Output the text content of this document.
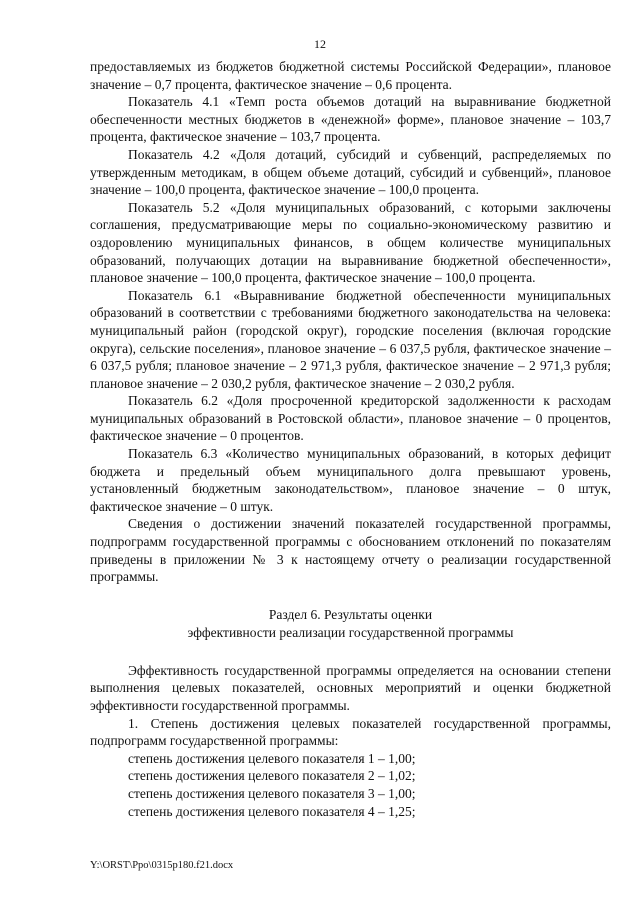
12

предоставляемых из бюджетов бюджетной системы Российской Федерации», плановое значение – 0,7 процента, фактическое значение – 0,6 процента.

Показатель 4.1 «Темп роста объемов дотаций на выравнивание бюджетной обеспеченности местных бюджетов в «денежной» форме», плановое значение – 103,7 процента, фактическое значение – 103,7 процента.

Показатель 4.2 «Доля дотаций, субсидий и субвенций, распределяемых по утвержденным методикам, в общем объеме дотаций, субсидий и субвенций», плановое значение – 100,0 процента, фактическое значение – 100,0 процента.

Показатель 5.2 «Доля муниципальных образований, с которыми заключены соглашения, предусматривающие меры по социально-экономическому развитию и оздоровлению муниципальных финансов, в общем количестве муниципальных образований, получающих дотации на выравнивание бюджетной обеспеченности», плановое значение – 100,0 процента, фактическое значение – 100,0 процента.

Показатель 6.1 «Выравнивание бюджетной обеспеченности муниципальных образований в соответствии с требованиями бюджетного законодательства на человека: муниципальный район (городской округ), городские поселения (включая городские округа), сельские поселения», плановое значение – 6 037,5 рубля, фактическое значение – 6 037,5 рубля; плановое значение – 2 971,3 рубля, фактическое значение – 2 971,3 рубля; плановое значение – 2 030,2 рубля, фактическое значение – 2 030,2 рубля.

Показатель 6.2 «Доля просроченной кредиторской задолженности к расходам муниципальных образований в Ростовской области», плановое значение – 0 процентов, фактическое значение – 0 процентов.

Показатель 6.3 «Количество муниципальных образований, в которых дефицит бюджета и предельный объем муниципального долга превышают уровень, установленный бюджетным законодательством», плановое значение – 0 штук, фактическое значение – 0 штук.

Сведения о достижении значений показателей государственной программы, подпрограмм государственной программы с обоснованием отклонений по показателям приведены в приложении № 3 к настоящему отчету о реализации государственной программы.

Раздел 6. Результаты оценки
эффективности реализации государственной программы

Эффективность государственной программы определяется на основании степени выполнения целевых показателей, основных мероприятий и оценки бюджетной эффективности государственной программы.

1. Степень достижения целевых показателей государственной программы, подпрограмм государственной программы:

степень достижения целевого показателя 1 – 1,00;

степень достижения целевого показателя 2 – 1,02;

степень достижения целевого показателя 3 – 1,00;

степень достижения целевого показателя 4 – 1,25;

Y:\ORST\Ppo\0315p180.f21.docx
